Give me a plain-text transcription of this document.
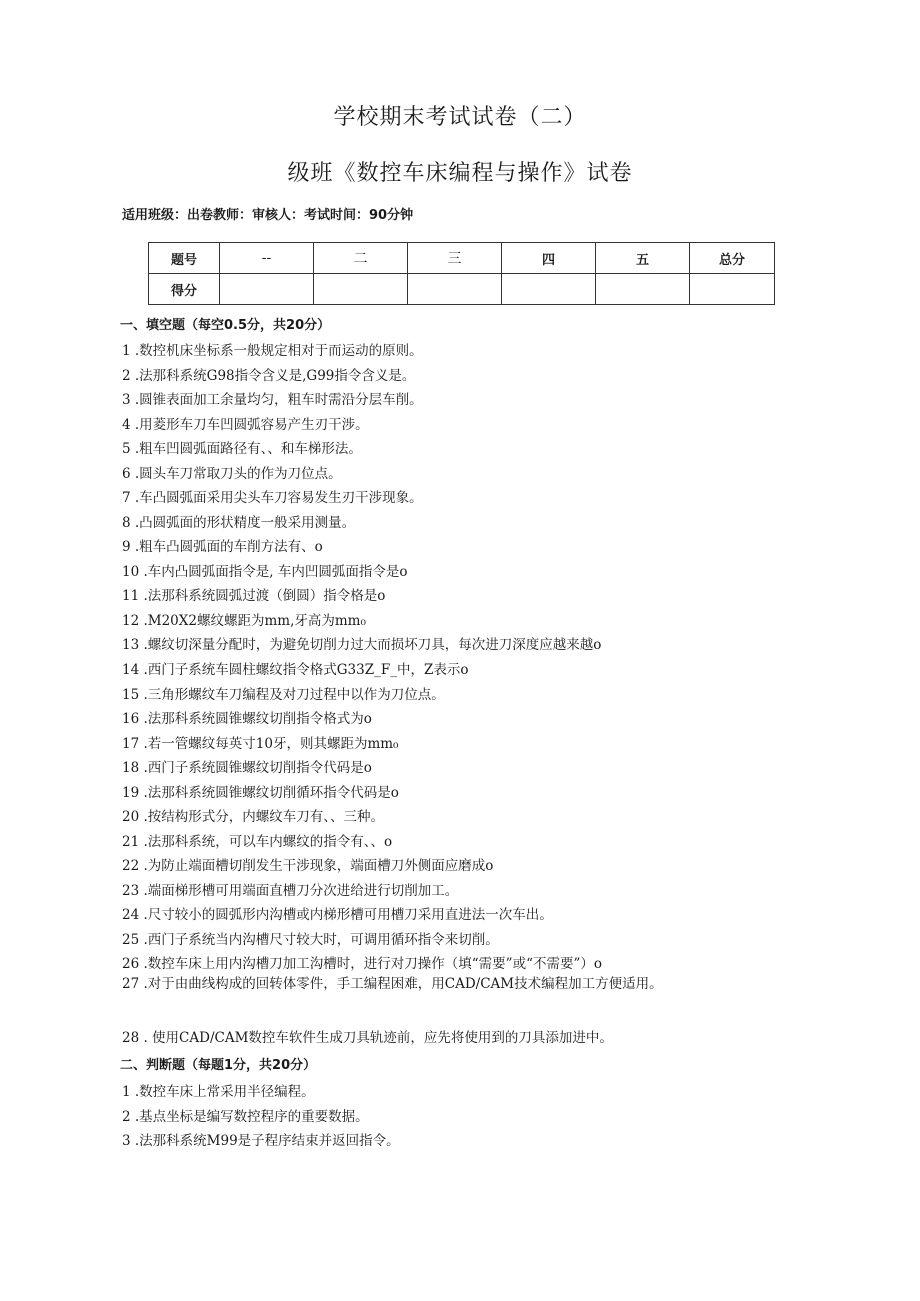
学校期末考试试卷（二）
级班《数控车床编程与操作》试卷
适用班级：出卷教师：审核人：考试时间：90分钟
题号	--	二	三	四	五	总分
得分						
一、填空题（每空0.5分，共20分）
1 .数控机床坐标系一般规定相对于而运动的原则。
2 .法那科系统G98指令含义是,G99指令含义是。
3 .圆锥表面加工余量均匀，粗车时需沿分层车削。
4 .用菱形车刀车凹圆弧容易产生刃干涉。
5 .粗车凹圆弧面路径有、、和车梯形法。
6 .圆头车刀常取刀头的作为刀位点。
7 .车凸圆弧面采用尖头车刀容易发生刃干涉现象。
8 .凸圆弧面的形状精度一般采用测量。
9 .粗车凸圆弧面的车削方法有、o
10 .车内凸圆弧面指令是, 车内凹圆弧面指令是o
11 .法那科系统圆弧过渡（倒圆）指令格是o
12 .M20X2螺纹螺距为mm,牙高为mm₀
13 .螺纹切深量分配时，为避免切削力过大而损坏刀具，每次进刀深度应越来越o
14 .西门子系统车圆柱螺纹指令格式G33Z_F_中，Z表示o
15 .三角形螺纹车刀编程及对刀过程中以作为刀位点。
16 .法那科系统圆锥螺纹切削指令格式为o
17 .若一管螺纹每英寸10牙，则其螺距为mm₀
18 .西门子系统圆锥螺纹切削指令代码是o
19 .法那科系统圆锥螺纹切削循环指令代码是o
20 .按结构形式分，内螺纹车刀有、、三种。
21 .法那科系统，可以车内螺纹的指令有、、o
22 .为防止端面槽切削发生干涉现象，端面槽刀外侧面应磨成o
23 .端面梯形槽可用端面直槽刀分次进给进行切削加工。
24 .尺寸较小的圆弧形内沟槽或内梯形槽可用槽刀采用直进法一次车出。
25 .西门子系统当内沟槽尺寸较大时，可调用循环指令来切削。
26 .数控车床上用内沟槽刀加工沟槽时，进行对刀操作（填“需要”或“不需要”）o
27 .对于由曲线构成的回转体零件，手工编程困难，用CAD/CAM技术编程加工方便适用。
28 . 使用CAD/CAM数控车软件生成刀具轨迹前，应先将使用到的刀具添加进中。
二、判断题（每题1分，共20分）
1 .数控车床上常采用半径编程。
2 .基点坐标是编写数控程序的重要数据。
3 .法那科系统M99是子程序结束并返回指令。
